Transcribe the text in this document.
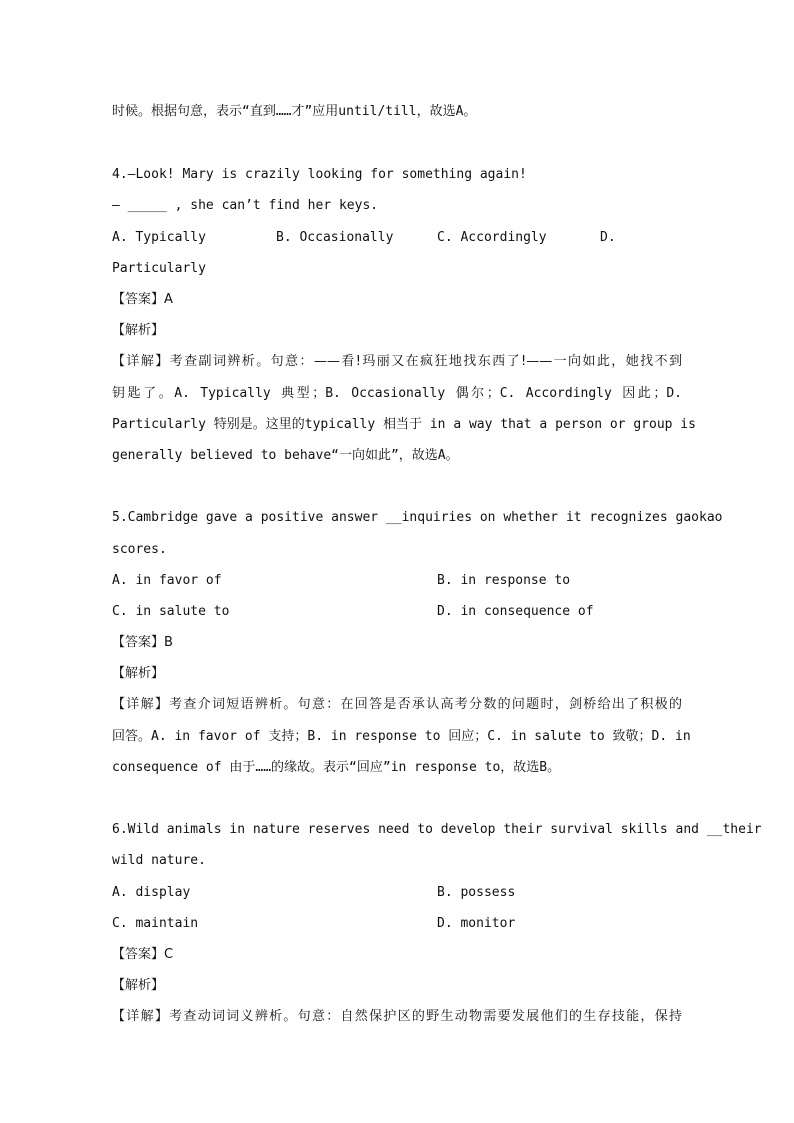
时候。根据句意，表示“直到……才”应用until/till，故选A。
4.—Look! Mary is crazily looking for something again!
— _____ , she can’t find her keys.
A. Typically	B. Occasionally	C. Accordingly	D.
Particularly
【答案】A
【解析】
【详解】考查副词辨析。句意：——看!玛丽又在疯狂地找东西了!——一向如此，她找不到
钥匙了。A. Typically 典型；B. Occasionally 偶尔；C. Accordingly 因此；D.
Particularly 特别是。这里的typically 相当于 in a way that a person or group is
generally believed to behave“一向如此”，故选A。
5.Cambridge gave a positive answer __inquiries on whether it recognizes gaokao
scores.
A. in favor of	B. in response to
C. in salute to	D. in consequence of
【答案】B
【解析】
【详解】考查介词短语辨析。句意：在回答是否承认高考分数的问题时，剑桥给出了积极的
回答。A. in favor of 支持；B. in response to 回应；C. in salute to 致敬；D. in
consequence of 由于……的缘故。表示“回应”in response to，故选B。
6.Wild animals in nature reserves need to develop their survival skills and __their
wild nature.
A. display	B. possess
C. maintain	D. monitor
【答案】C
【解析】
【详解】考查动词词义辨析。句意：自然保护区的野生动物需要发展他们的生存技能，保持
